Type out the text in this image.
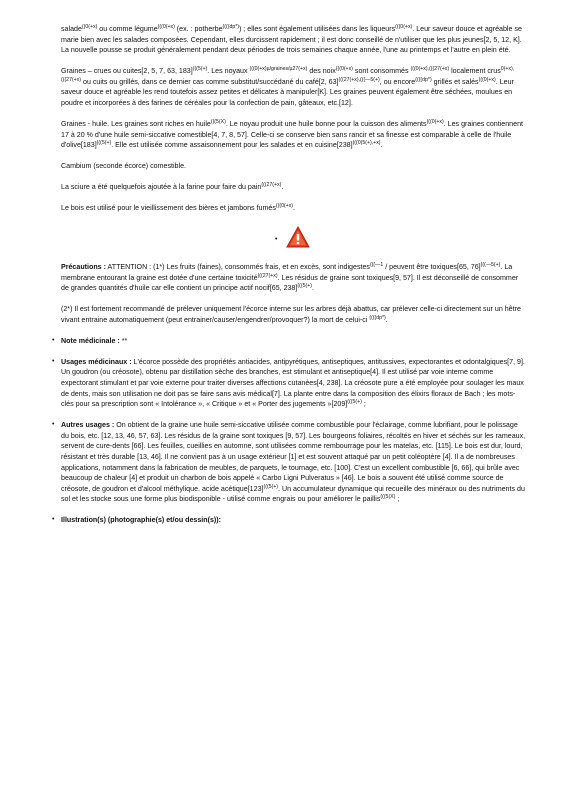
salade$^{((0(+x)}$ ou comme légume$^{(((0(+x)}$ (ex. : potherbe$^{((((dp*)}$) ; elles sont également utilisées dans les liqueurs$^{(((0(+x)}$. Leur saveur douce et agréable se marie bien avec les salades composées. Cependant, elles durcissent rapidement ; il est donc conseillé de n'utiliser que les plus jeunes[2, 5, 12, K]. La nouvelle pousse se produit généralement pendant deux périodes de trois semaines chaque année, l'une au printemps et l'autre en plein été.

Graines – crues ou cuites[2, 5, 7, 63, 183]$^{(((5(+)}$. Les noyaux $^{(((0(+x)\mu/graines/\mu 27(+x)}$ des noix$^{(((0(+x)}$ sont consommés $^{(((0(+x),(((27(+x)}$ localement crus$^{0(+x),(((27(+x)}$ ou cuits ou grillés, dans ce dernier cas comme substitut/succédané du café[2, 63]$^{(((27(+x),(((—5(+)}$, ou encore$^{((((dp*)}$ grillés et salés$^{(((0(+x)}$. Leur saveur douce et agréable les rend toutefois assez petites et délicates à manipuler[K]. Les graines peuvent également être séchées, moulues en poudre et incorporées à des farines de céréales pour la confection de pain, gâteaux, etc.[12].

Graines - huile. Les graines sont riches en huile$^{(((5(X)}$. Le noyau produit une huile bonne pour la cuisson des aliments$^{(((0(+x)}$. Les graines contiennent 17 à 20 % d'une huile semi-siccative comestible[4, 7, 8, 57]. Celle-ci se conserve bien sans rancir et sa finesse est comparable à celle de l'huile $d'olive[183]^{(((5(+)}$. Elle est utilisée comme assaisonnement pour les salades et en $cuisine[238]^{(((0(5(+),+x)}$.

Cambium (seconde écorce) comestible.

La sciure a été quelquefois ajoutée à la farine pour faire du pain$^{(((27(+x)}$.

Le bois est utilisé pour le vieillissement des bières et jambons fumés$^{(((0(+x)}$.

•

Précautions : ATTENTION : (1*) Les fruits (faines), consommés frais, et en excès, sont indigestes$^{(((—1}$ / peuvent être toxiques[65, 76]$^{(((—5(+)}$. La membrane entourant la graine est dotée d'une certaine toxicité$^{(((27(+x)}$. Les résidus de graine sont toxiques[9, 57]. Il est déconseillé de consommer de grandes quantités d'huile car elle contient un principe actif nocif[65, 238]$^{(((5(+)}$.

(2*) Il est fortement recommandé de prélever uniquement l'écorce interne sur les arbres déjà abattus, car prélever celle-ci directement sur un hêtre vivant entraine automatiquement (peut entrainer/causer/engendrer/provoquer?) la mort de celui-ci $^{((((dp*)}$.

• Note médicinale : **
• Usages médicinaux : L'écorce possède des propriétés antiacides, antipyrétiques, antiseptiques, antitussives, expectorantes et odontalgiques[7, 9]. Un goudron (ou créosote), obtenu par distillation sèche des branches, est stimulant et antiseptique[4]. Il est utilisé par voie interne comme expectorant stimulant et par voie externe pour traiter diverses affections cutanées[4, 238]. La créosote pure a été employée pour soulager les maux de dents, mais son utilisation ne doit pas se faire sans avis médical[7]. La plante entre dans la composition des élixirs floraux de Bach ; les mots-clés pour sa prescription sont « Intolérance », « Critique » et « Porter des jugements $»[209]^{(((5(+)}$ ;
• Autres usages : On obtient de la graine une huile semi-siccative utilisée comme combustible pour l'éclairage, comme lubrifiant, pour le polissage du bois, etc. [12, 13, 46, 57, 63]. Les résidus de la graine sont toxiques [9, 57]. Les bourgeons foliaires, récoltés en hiver et séchés sur les rameaux, servent de cure-dents [66]. Les feuilles, cueillies en automne, sont utilisées comme rembourrage pour les matelas, etc. [115]. Le bois est dur, lourd, résistant et très durable [13, 46]. Il ne convient pas à un usage extérieur [1] et est souvent attaqué par un petit coléoptère [4]. Il a de nombreuses applications, notamment dans la fabrication de meubles, de parquets, le tournage, etc. [100]. C'est un excellent combustible [6, 66], qui brûle avec beaucoup de chaleur [4] et produit un charbon de bois appelé « Carbo Ligni Pulveratus » [46]. Le bois a souvent été utilisé comme source de créosote, de goudron et d'alcool méthylique. acide $acétique[123]^{(((5(+)}$. Un accumulateur dynamique qui recueille des minéraux ou des nutriments du sol et les stocke sous une forme plus biodisponible - utilisé comme engrais ou pour améliorer le paillis$^{(((5(X)}$ ;
• Illustration(s) (photographie(s) et/ou dessin(s)):
